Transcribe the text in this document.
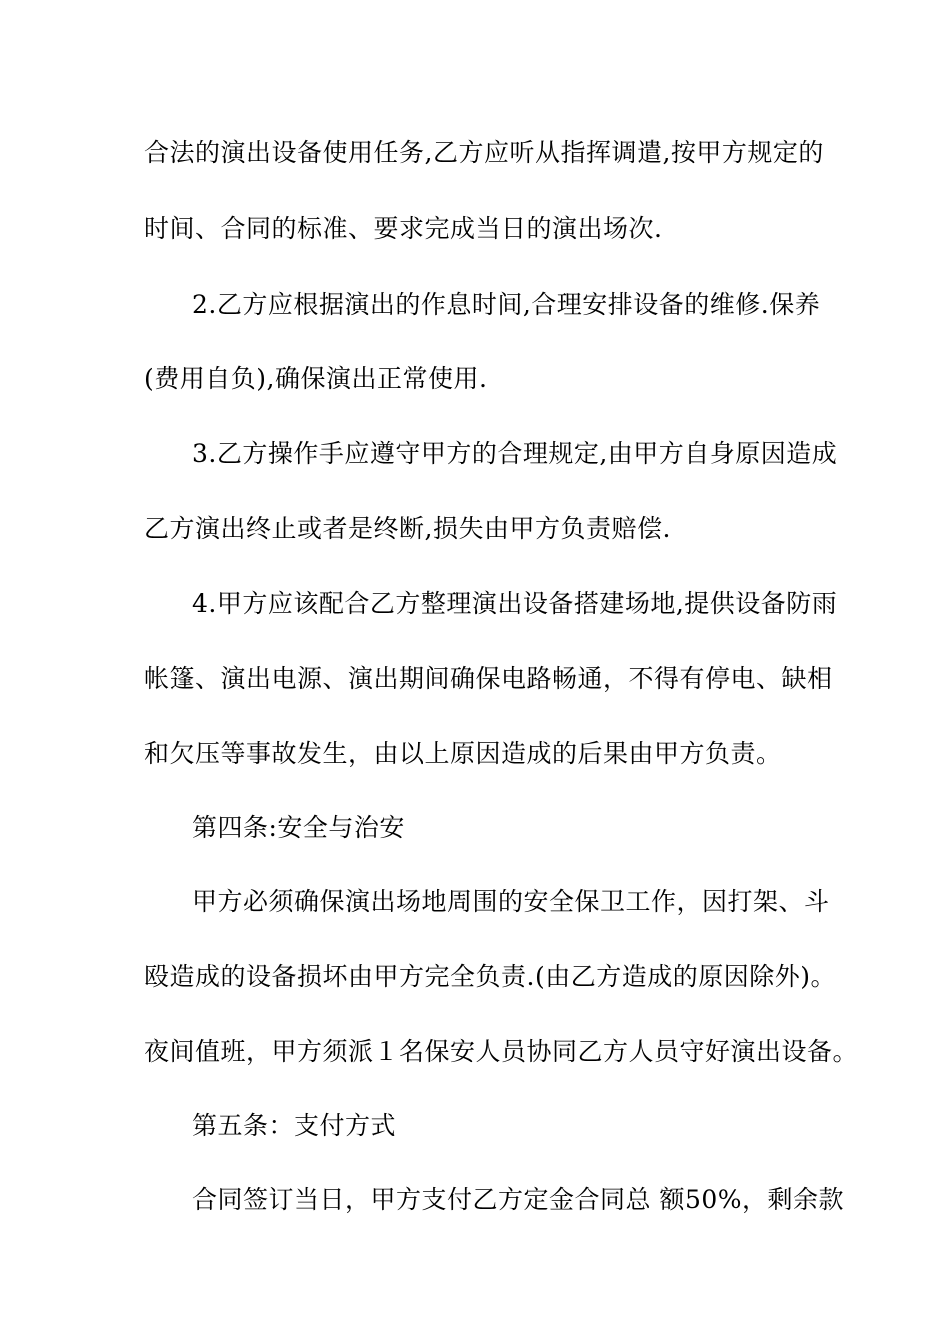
合法的演出设备使用任务,乙方应听从指挥调遣,按甲方规定的
时间、合同的标准、要求完成当日的演出场次.
2.乙方应根据演出的作息时间,合理安排设备的维修.保养
(费用自负),确保演出正常使用.
3.乙方操作手应遵守甲方的合理规定,由甲方自身原因造成
乙方演出终止或者是终断,损失由甲方负责赔偿.
4.甲方应该配合乙方整理演出设备搭建场地,提供设备防雨
帐篷、演出电源、演出期间确保电路畅通，不得有停电、缺相
和欠压等事故发生，由以上原因造成的后果由甲方负责。
第四条:安全与治安
甲方必须确保演出场地周围的安全保卫工作，因打架、斗
殴造成的设备损坏由甲方完全负责.(由乙方造成的原因除外)。
夜间值班，甲方须派１名保安人员协同乙方人员守好演出设备。
第五条：支付方式
合同签订当日，甲方支付乙方定金合同总 额50%，剩余款
